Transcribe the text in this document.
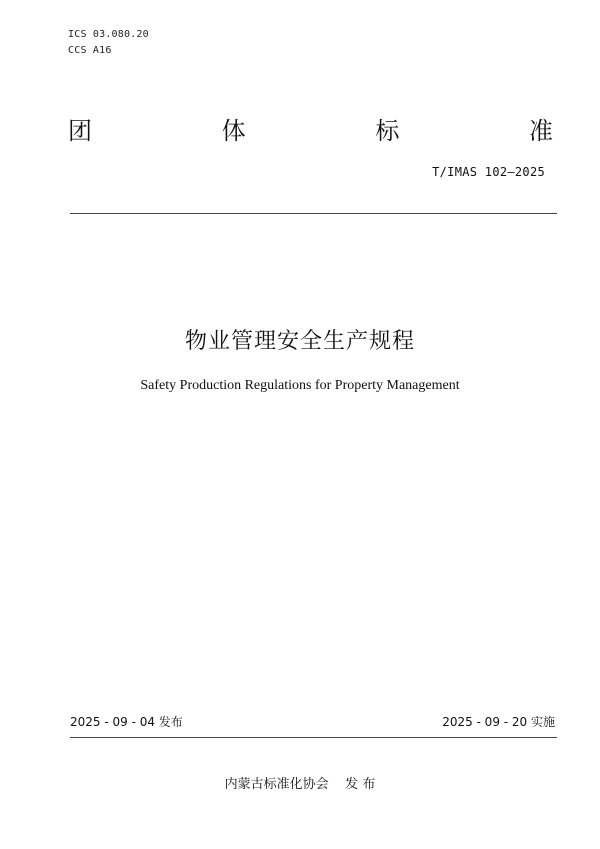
ICS 03.080.20
CCS A16
团	体	标	准
T/IMAS 102—2025
物业管理安全生产规程
Safety Production Regulations for Property Management
2025 - 09 - 04 发布	2025 - 09 - 20 实施
内蒙古标准化协会    发 布
